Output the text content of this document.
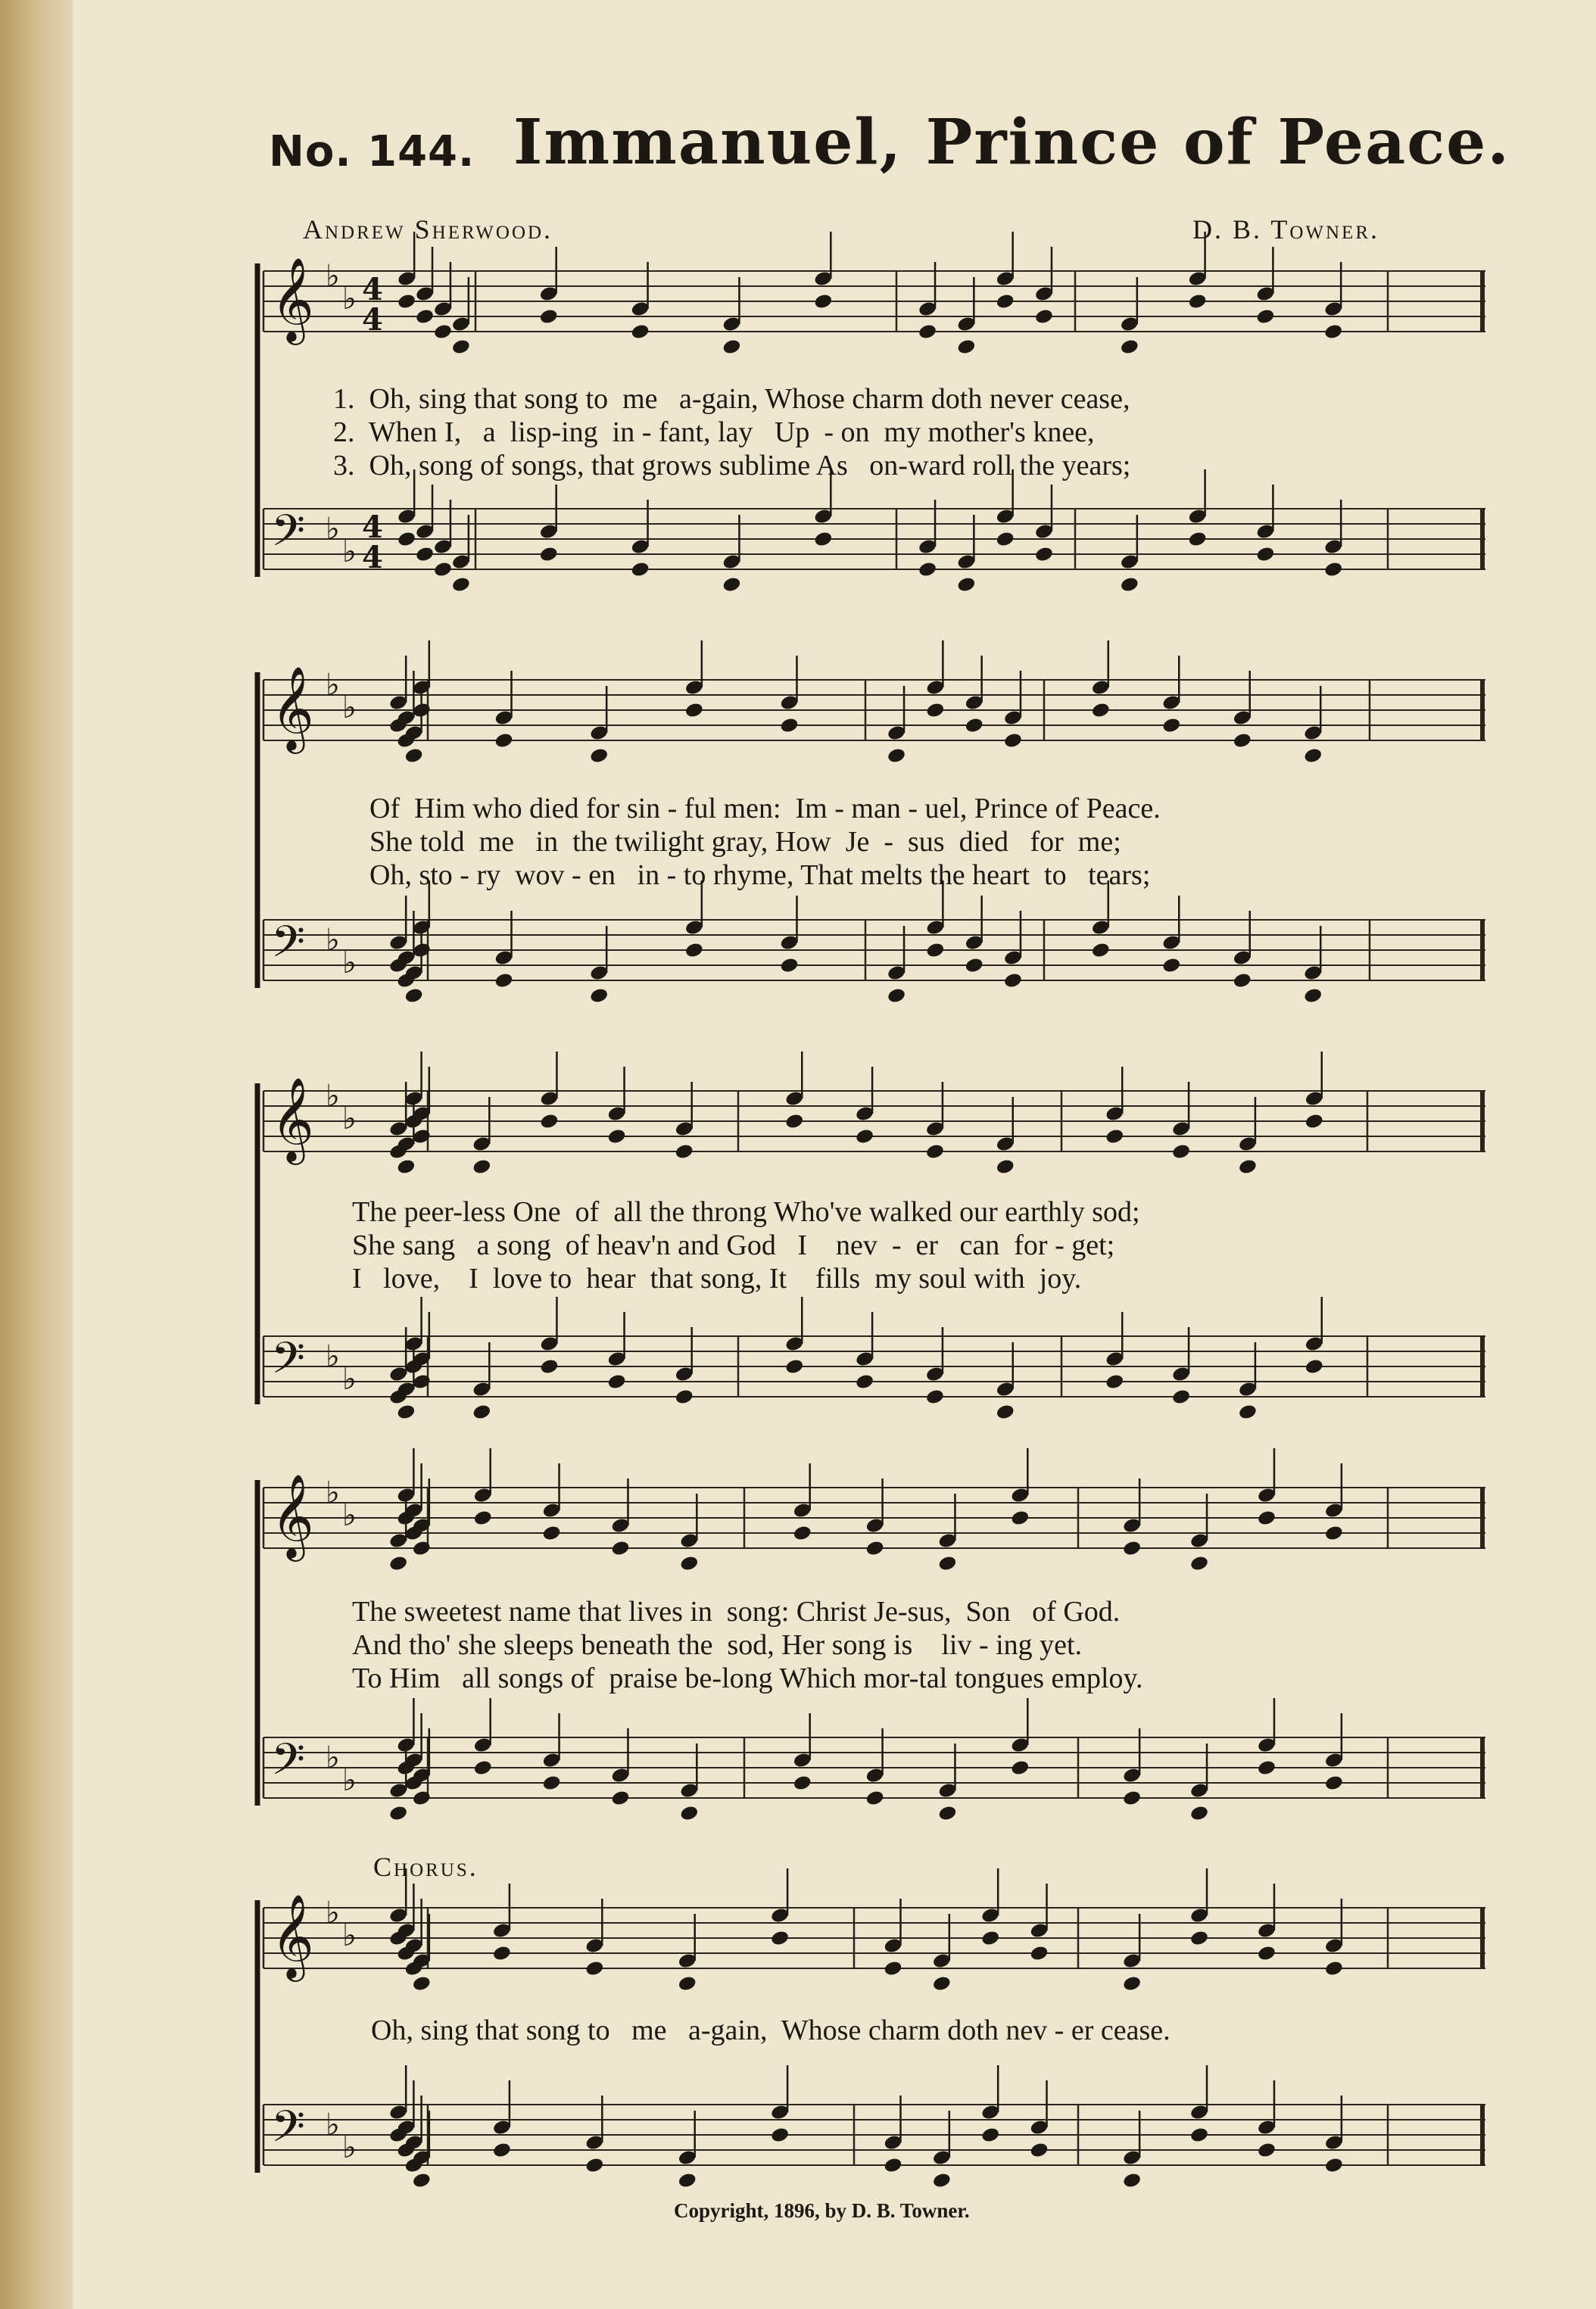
No. 144. Immanuel, Prince of Peace.
Andrew Sherwood.	D. B. Towner.
𝄞 ♭
♭ 4
4
𝄢 ♭
♭
4
4
𝄞 ♭
♭
𝄢 ♭
♭
𝄞 ♭
♭
𝄢 ♭
♭
𝄞 ♭
♭
𝄢 ♭
♭
𝄞 ♭
♭
𝄢 ♭
♭
1.  Oh, sing that song to  me   a-gain, Whose charm doth never cease,
2.  When I,   a  lisp-ing  in - fant, lay   Up  - on  my mother's knee,
3.  Oh, song of songs, that grows sublime As   on-ward roll the years;
Of  Him who died for sin - ful men:  Im - man - uel, Prince of Peace.
She told  me   in  the twilight gray, How  Je  -  sus  died   for  me;
Oh, sto - ry  wov - en   in - to rhyme, That melts the heart  to   tears;
The peer-less One  of  all the throng Who've walked our earthly sod;
She sang   a song  of heav'n and God   I    nev  -  er   can  for - get;
I   love,    I  love to  hear  that song, It    fills  my soul with  joy.
The sweetest name that lives in  song: Christ Je-sus,  Son   of God.
And tho' she sleeps beneath the  sod, Her song is    liv - ing yet.
To Him   all songs of  praise be-long Which mor-tal tongues employ.
Chorus.
Oh, sing that song to   me   a-gain,  Whose charm doth nev - er cease.
Copyright, 1896, by D. B. Towner.
